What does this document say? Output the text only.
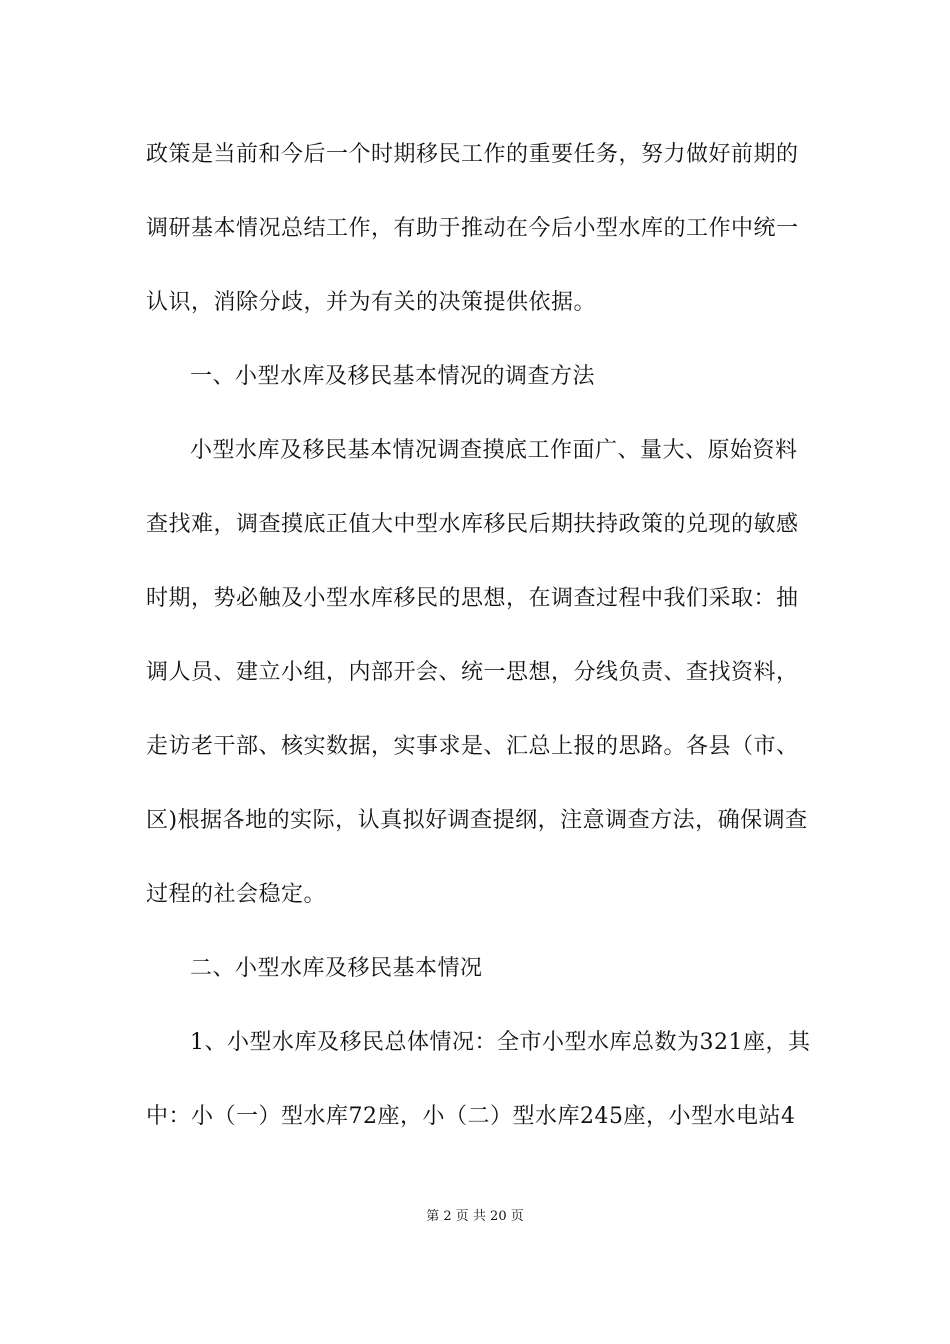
政策是当前和今后一个时期移民工作的重要任务，努力做好前期的
调研基本情况总结工作，有助于推动在今后小型水库的工作中统一
认识，消除分歧，并为有关的决策提供依据。
一、小型水库及移民基本情况的调查方法
小型水库及移民基本情况调查摸底工作面广、量大、原始资料
查找难，调查摸底正值大中型水库移民后期扶持政策的兑现的敏感
时期，势必触及小型水库移民的思想，在调查过程中我们采取：抽
调人员、建立小组，内部开会、统一思想，分线负责、查找资料，
走访老干部、核实数据，实事求是、汇总上报的思路。各县（市、
区)根据各地的实际，认真拟好调查提纲，注意调查方法，确保调查
过程的社会稳定。
二、小型水库及移民基本情况
1、小型水库及移民总体情况：全市小型水库总数为321座，其
中：小（一）型水库72座，小（二）型水库245座，小型水电站4
第 2 页 共 20 页
